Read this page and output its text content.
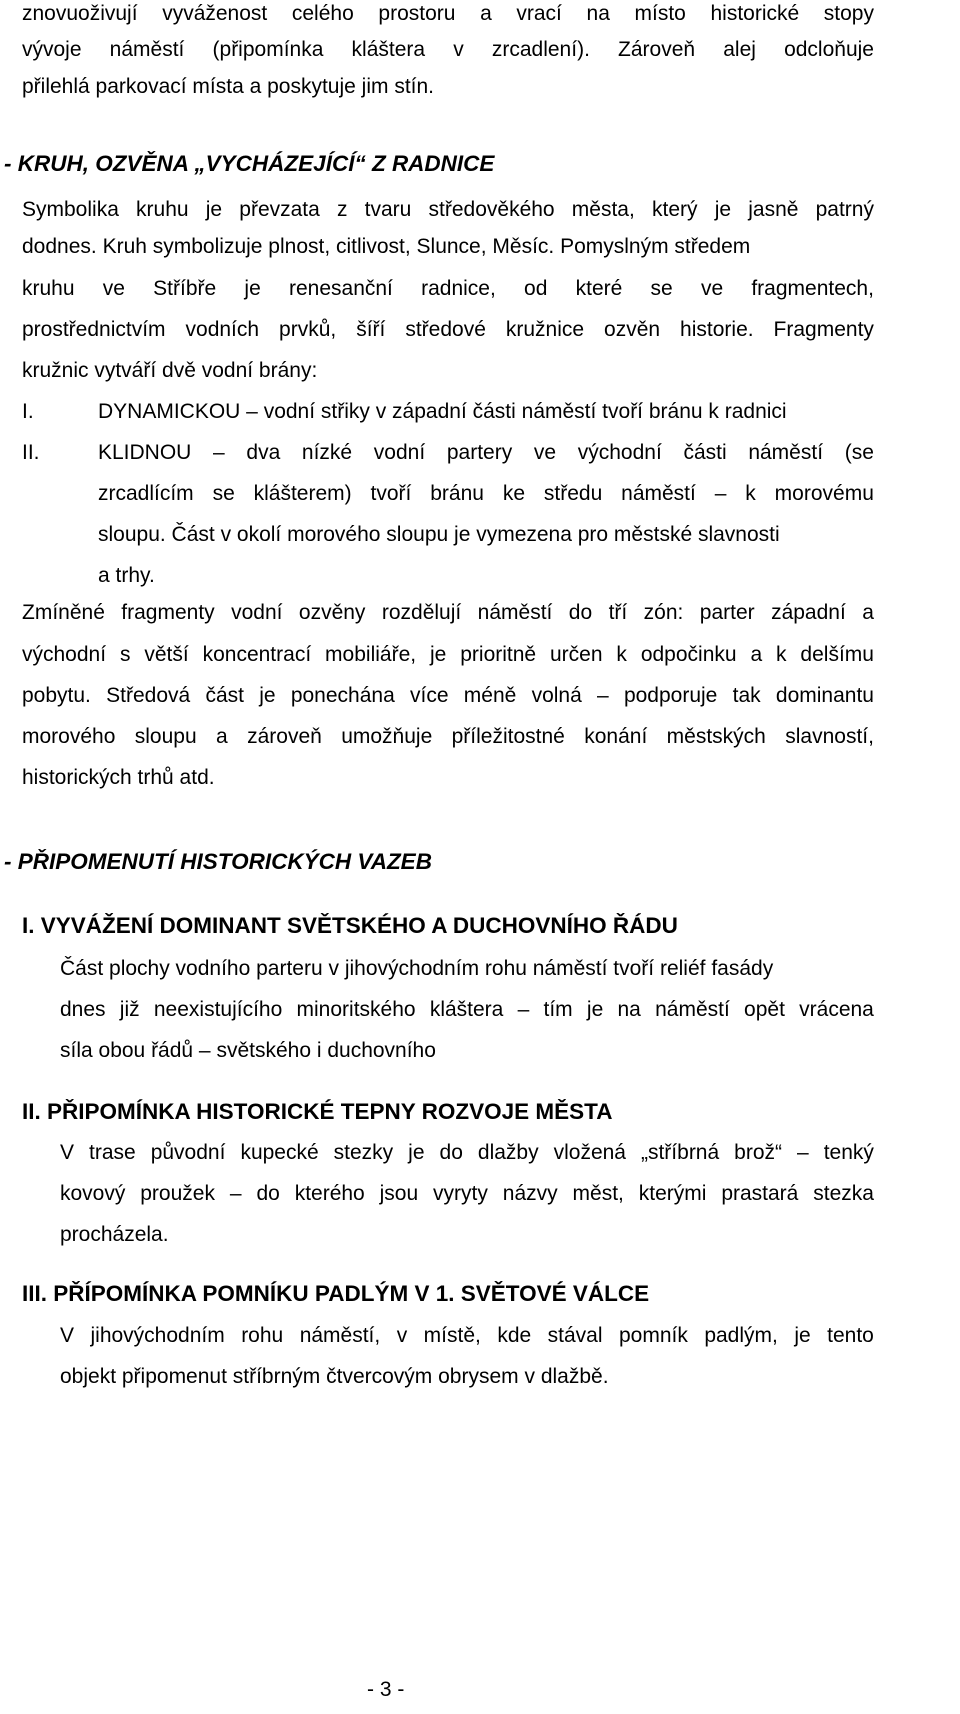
znovuoživují vyváženost celého prostoru a vrací na místo historické stopy
vývoje náměstí (připomínka kláštera v zrcadlení). Zároveň alej odcloňuje
přilehlá parkovací místa a poskytuje jim stín.
- KRUH, OZVĚNA „VYCHÁZEJÍCÍ“ Z RADNICE
Symbolika kruhu je převzata z tvaru středověkého města, který je jasně patrný
dodnes. Kruh symbolizuje plnost, citlivost, Slunce, Měsíc. Pomyslným středem
kruhu ve Stříbře je renesanční radnice, od které se ve fragmentech,
prostřednictvím vodních prvků, šíří středové kružnice ozvěn historie. Fragmenty
kružnic vytváří dvě vodní brány:
I.	DYNAMICKOU – vodní střiky v západní části náměstí tvoří bránu k radnici
II.	KLIDNOU – dva nízké vodní partery ve východní části náměstí (se
zrcadlícím se klášterem) tvoří bránu ke středu náměstí – k morovému
sloupu. Část v okolí morového sloupu je vymezena pro městské slavnosti
a trhy.
Zmíněné fragmenty vodní ozvěny rozdělují náměstí do tří zón: parter západní a
východní s větší koncentrací mobiliáře, je prioritně určen k odpočinku a k delšímu
pobytu. Středová část je ponechána více méně volná – podporuje tak dominantu
morového sloupu a zároveň umožňuje příležitostné konání městských slavností,
historických trhů atd.
- PŘIPOMENUTÍ HISTORICKÝCH VAZEB
I. VYVÁŽENÍ DOMINANT SVĚTSKÉHO A DUCHOVNÍHO ŘÁDU
Část plochy vodního parteru v jihovýchodním rohu náměstí tvoří reliéf fasády
dnes již neexistujícího minoritského kláštera – tím je na náměstí opět vrácena
síla obou řádů – světského i duchovního
II. PŘIPOMÍNKA HISTORICKÉ TEPNY ROZVOJE MĚSTA
V trase původní kupecké stezky je do dlažby vložená „stříbrná brož“ – tenký
kovový proužek – do kterého jsou vyryty názvy měst, kterými prastará stezka
procházela.
III. PŘÍPOMÍNKA POMNÍKU PADLÝM V 1. SVĚTOVÉ VÁLCE
V jihovýchodním rohu náměstí, v místě, kde stával pomník padlým, je tento
objekt připomenut stříbrným čtvercovým obrysem v dlažbě.
- 3 -
